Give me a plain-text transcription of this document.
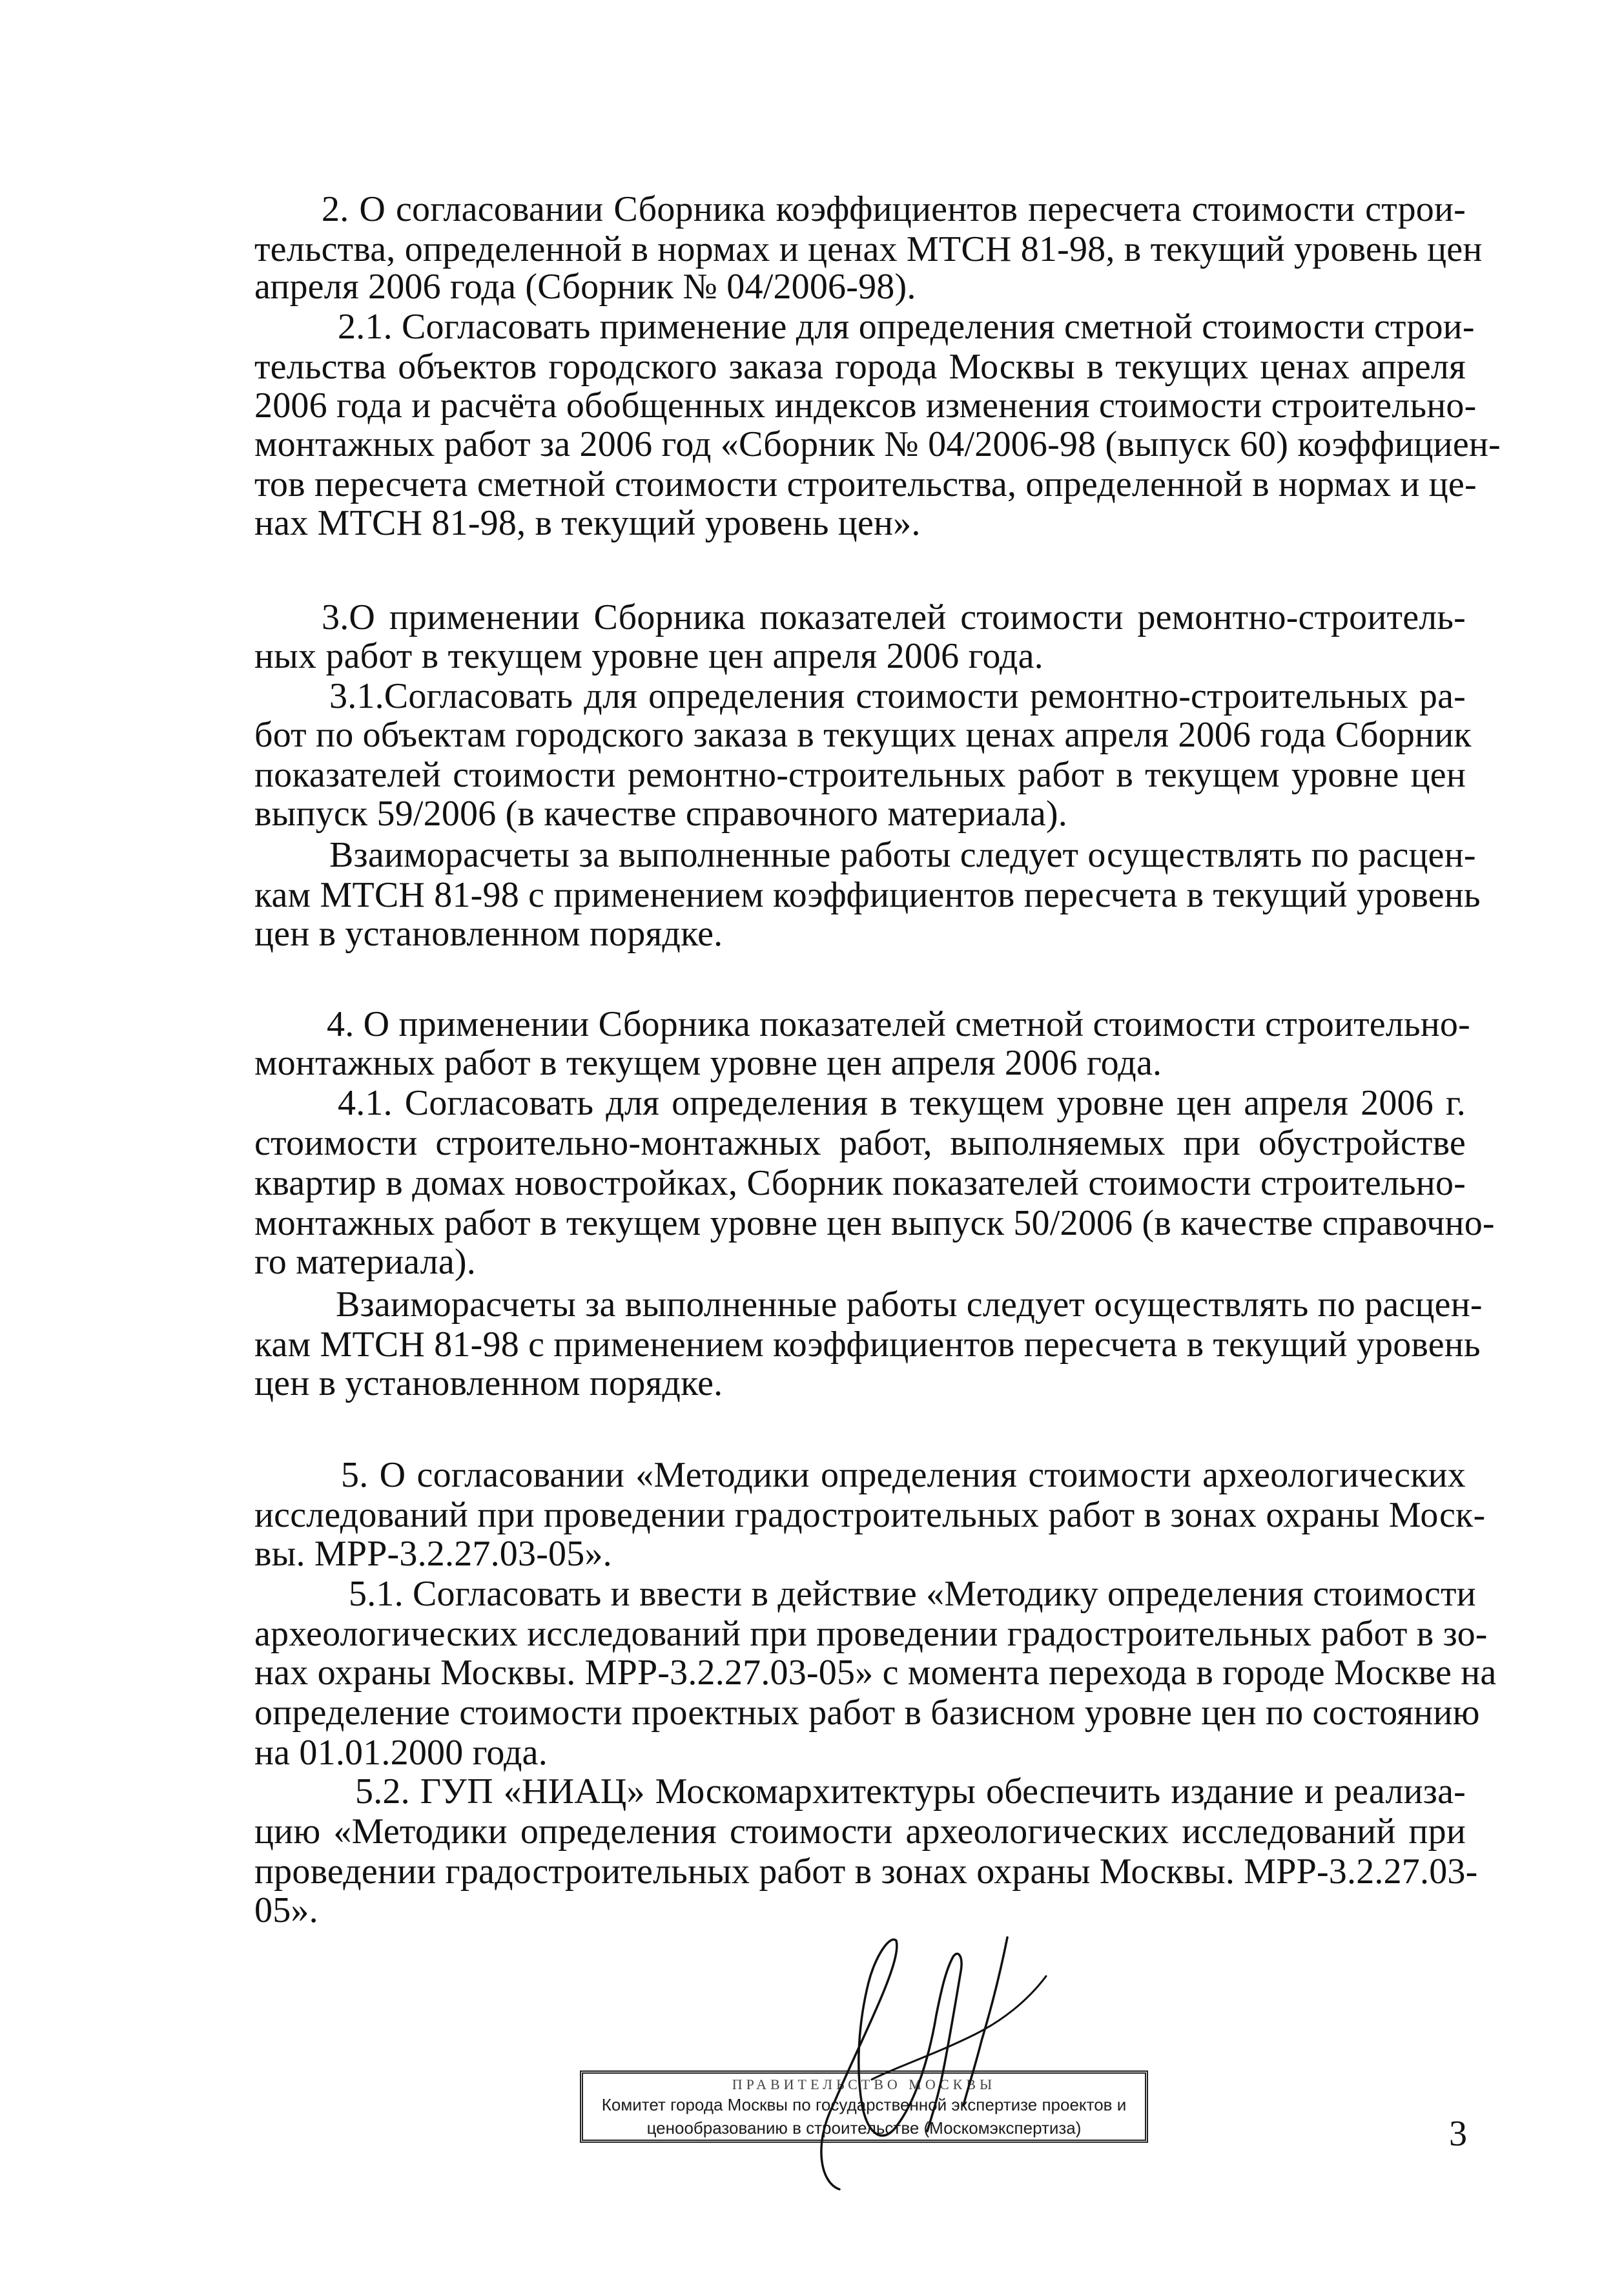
2. О согласовании Сборника коэффициентов пересчета стоимости строи-
тельства, определенной в нормах и ценах МТСН 81-98, в текущий уровень цен
апреля 2006 года (Сборник № 04/2006-98).
2.1. Согласовать применение для определения сметной стоимости строи-
тельства объектов городского заказа города Москвы в текущих ценах апреля
2006 года и расчёта обобщенных индексов изменения стоимости строительно-
монтажных работ за 2006 год «Сборник № 04/2006-98 (выпуск 60) коэффициен-
тов пересчета сметной стоимости строительства, определенной в нормах и це-
нах МТСН 81-98, в текущий уровень цен».
3.О применении Сборника показателей стоимости ремонтно-строитель-
ных работ в текущем уровне цен апреля 2006 года.
3.1.Согласовать для определения стоимости ремонтно-строительных ра-
бот по объектам городского заказа в текущих ценах апреля 2006 года Сборник
показателей стоимости ремонтно-строительных работ в текущем уровне цен
выпуск 59/2006 (в качестве справочного материала).
Взаиморасчеты за выполненные работы следует осуществлять по расцен-
кам МТСН 81-98 с применением коэффициентов пересчета в текущий уровень
цен в установленном порядке.
4. О применении Сборника показателей сметной стоимости строительно-
монтажных работ в текущем уровне цен апреля 2006 года.
4.1. Согласовать для определения в текущем уровне цен апреля 2006 г.
стоимости строительно-монтажных работ, выполняемых при обустройстве
квартир в домах новостройках, Сборник показателей стоимости строительно-
монтажных работ в текущем уровне цен выпуск 50/2006 (в качестве справочно-
го материала).
Взаиморасчеты за выполненные работы следует осуществлять по расцен-
кам МТСН 81-98 с применением коэффициентов пересчета в текущий уровень
цен в установленном порядке.
5. О согласовании «Методики определения стоимости археологических
исследований при проведении градостроительных работ в зонах охраны Моск-
вы. МРР-3.2.27.03-05».
5.1. Согласовать и ввести в действие «Методику определения стоимости
археологических исследований при проведении градостроительных работ в зо-
нах охраны Москвы. МРР-3.2.27.03-05» с момента перехода в городе Москве на
определение стоимости проектных работ в базисном уровне цен по состоянию
на 01.01.2000 года.
5.2. ГУП «НИАЦ» Москомархитектуры обеспечить издание и реализа-
цию «Методики определения стоимости археологических исследований при
проведении градостроительных работ в зонах охраны Москвы. МРР-3.2.27.03-
05».
ПРАВИТЕЛЬСТВО МОСКВЫ
Комитет города Москвы по государственной экспертизе проектов и
ценообразованию в строительстве (Москомэкспертиза)	3
